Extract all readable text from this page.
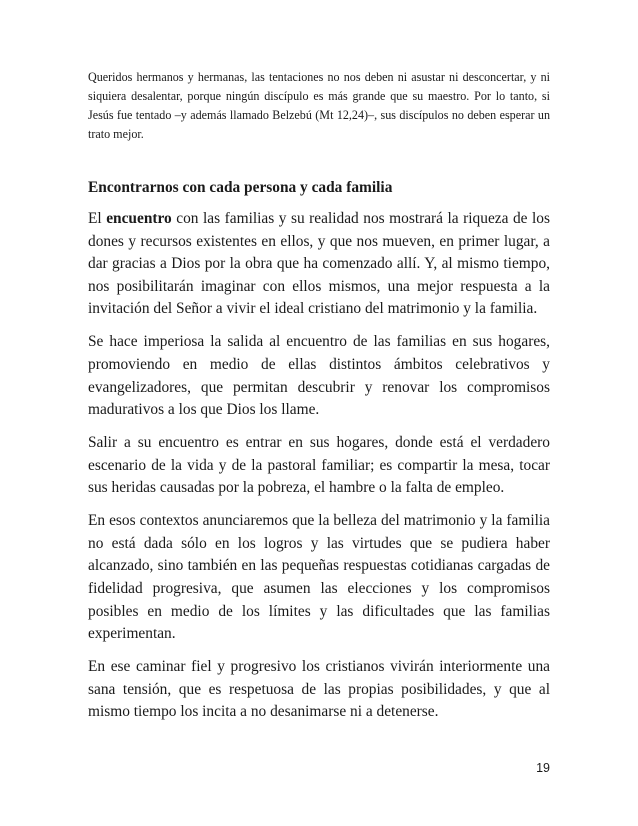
Queridos hermanos y hermanas, las tentaciones no nos deben ni asustar ni desconcertar, y ni siquiera desalentar, porque ningún discípulo es más grande que su maestro. Por lo tanto, si Jesús fue tentado –y además llamado Belzebú (Mt 12,24)–, sus discípulos no deben esperar un trato mejor.

Encontrarnos con cada persona y cada familia

El encuentro con las familias y su realidad nos mostrará la riqueza de los dones y recursos existentes en ellos, y que nos mueven, en primer lugar, a dar gracias a Dios por la obra que ha comenzado allí. Y, al mismo tiempo, nos posibilitarán imaginar con ellos mismos, una mejor respuesta a la invitación del Señor a vivir el ideal cristiano del matrimonio y la familia.

Se hace imperiosa la salida al encuentro de las familias en sus hogares, promoviendo en medio de ellas distintos ámbitos celebrativos y evangelizadores, que permitan descubrir y renovar los compromisos madurativos a los que Dios los llame.

Salir a su encuentro es entrar en sus hogares, donde está el verdadero escenario de la vida y de la pastoral familiar; es compartir la mesa, tocar sus heridas causadas por la pobreza, el hambre o la falta de empleo.

En esos contextos anunciaremos que la belleza del matrimonio y la familia no está dada sólo en los logros y las virtudes que se pudiera haber alcanzado, sino también en las pequeñas respuestas cotidianas cargadas de fidelidad progresiva, que asumen las elecciones y los compromisos posibles en medio de los límites y las dificultades que las familias experimentan.

En ese caminar fiel y progresivo los cristianos vivirán interiormente una sana tensión, que es respetuosa de las propias posibilidades, y que al mismo tiempo los incita a no desanimarse ni a detenerse.

19
